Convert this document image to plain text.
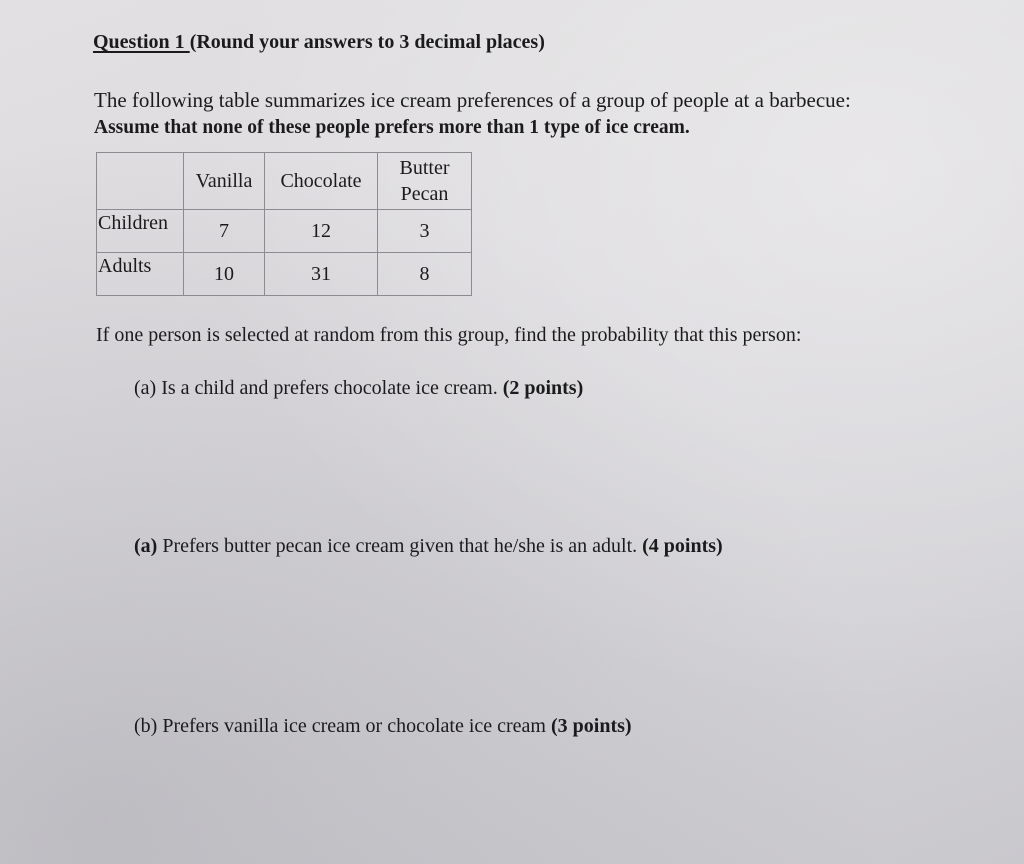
Question 1 (Round your answers to 3 decimal places)
The following table summarizes ice cream preferences of a group of people at a barbecue:
Assume that none of these people prefers more than 1 type of ice cream.
	Vanilla	Chocolate	Butter
Pecan

Children	7	12	3
Adults	10	31	8
If one person is selected at random from this group, find the probability that this person:
(a) Is a child and prefers chocolate ice cream. (2 points)
(a) Prefers butter pecan ice cream given that he/she is an adult. (4 points)
(b) Prefers vanilla ice cream or chocolate ice cream (3 points)
